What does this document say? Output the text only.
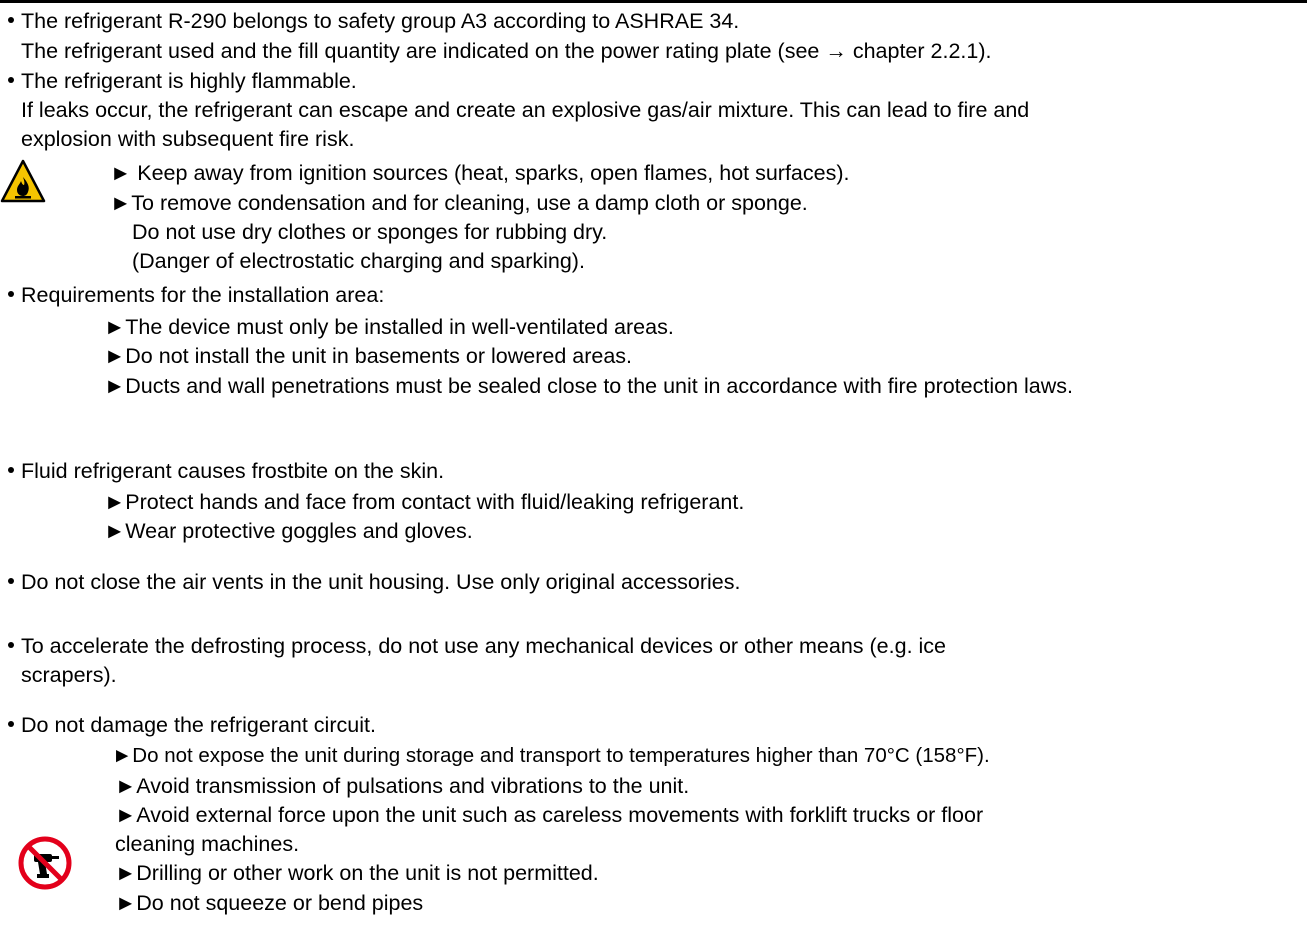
The refrigerant R-290 belongs to safety group A3 according to ASHRAE 34.
The refrigerant used and the fill quantity are indicated on the power rating plate (see → chapter 2.2.1).
The refrigerant is highly flammable.
If leaks occur, the refrigerant can escape and create an explosive gas/air mixture. This can lead to fire and
explosion with subsequent fire risk.
► Keep away from ignition sources (heat, sparks, open flames, hot surfaces).
►To remove condensation and for cleaning, use a damp cloth or sponge.
Do not use dry clothes or sponges for rubbing dry.
(Danger of electrostatic charging and sparking).
Requirements for the installation area:
►The device must only be installed in well-ventilated areas.
►Do not install the unit in basements or lowered areas.
►Ducts and wall penetrations must be sealed close to the unit in accordance with fire protection laws.
Fluid refrigerant causes frostbite on the skin.
►Protect hands and face from contact with fluid/leaking refrigerant.
►Wear protective goggles and gloves.
Do not close the air vents in the unit housing. Use only original accessories.
To accelerate the defrosting process, do not use any mechanical devices or other means (e.g. ice
scrapers).
Do not damage the refrigerant circuit.
►Do not expose the unit during storage and transport to temperatures higher than 70°C (158°F).
►Avoid transmission of pulsations and vibrations to the unit.
►Avoid external force upon the unit such as careless movements with forklift trucks or floor
cleaning machines.
►Drilling or other work on the unit is not permitted.
►Do not squeeze or bend pipes
